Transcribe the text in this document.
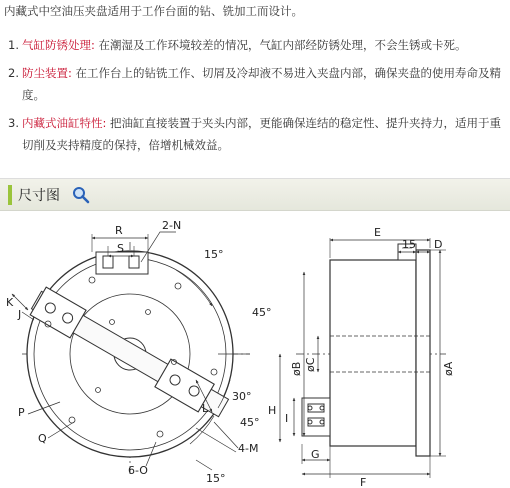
内藏式中空油压夹盘适用于工作台面的钻、铣加工而设计。
1. 气缸防锈处理: 在潮湿及工作环境较差的情况，气缸内部经防锈处理，不会生锈或卡死。
2. 防尘装置: 在工作台上的钻铣工作、切屑及冷却液不易进入夹盘内部，确保夹盘的使用寿命及精度。
3. 内藏式油缸特性: 把油缸直接装置于夹头内部，更能确保连结的稳定性、提升夹持力，适用于重切削及夹持精度的保持，倍增机械效益。
尺寸图
R
S
2-N
15°
45°
30°
45°
15°
K
J
P
Q
L
6-O
4-M
E
15 D
øB øC	øA
H
I
G
F
